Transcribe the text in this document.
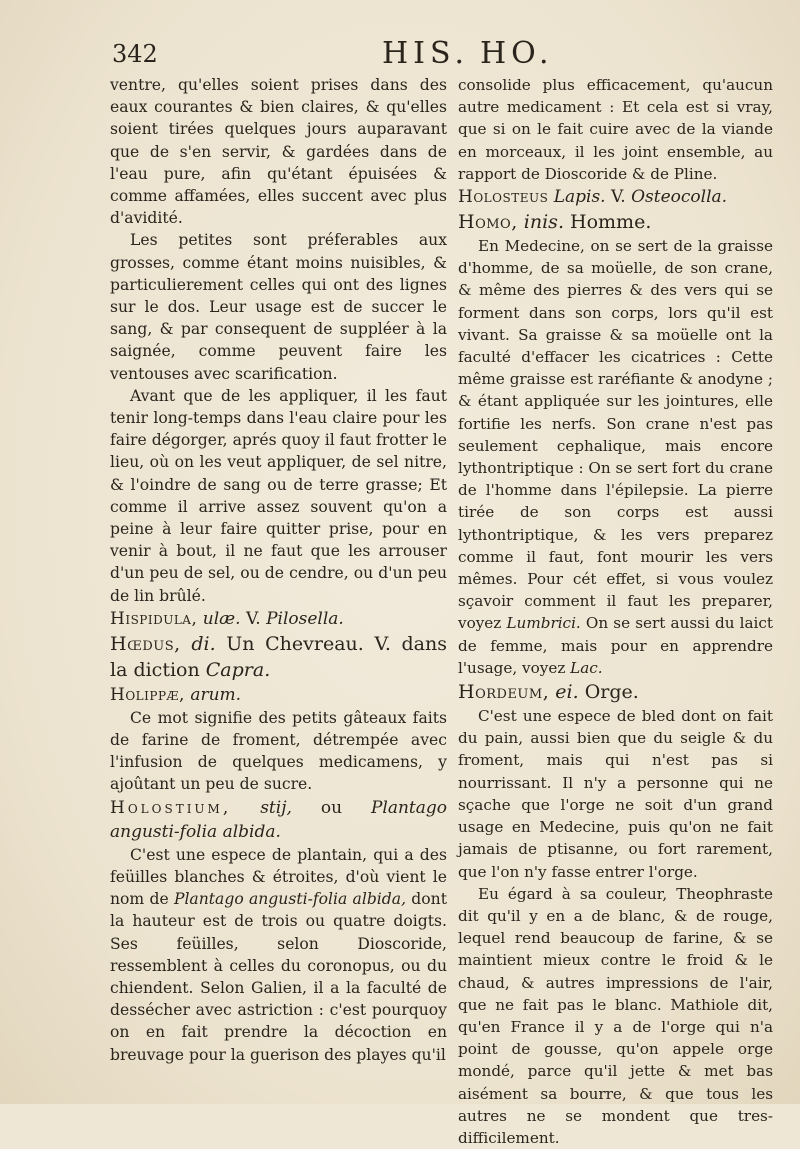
342	HIS. HO.

ventre, qu'elles soient prises dans des eaux courantes & bien claires, & qu'elles soient tirées quelques jours auparavant que de s'en servir, & gardées dans de l'eau pure, afin qu'étant épuisées & comme affamées, elles succent avec plus d'avidité.

Les petites sont préferables aux grosses, comme étant moins nuisibles, & particulierement celles qui ont des lignes sur le dos. Leur usage est de succer le sang, & par consequent de suppléer à la saignée, comme peuvent faire les ventouses avec scarification.

Avant que de les appliquer, il les faut tenir long-temps dans l'eau claire pour les faire dégorger, aprés quoy il faut frotter le lieu, où on les veut appliquer, de sel nitre, & l'oindre de sang ou de terre grasse; Et comme il arrive assez souvent qu'on a peine à leur faire quitter prise, pour en venir à bout, il ne faut que les arrouser d'un peu de sel, ou de cendre, ou d'un peu de lin brûlé.

Hispidula, ulæ. V. Pilosella.

Hœdus, di. Un Chevreau. V. dans la diction Capra.

Holippæ, arum.

Ce mot signifie des petits gâteaux faits de farine de froment, détrempée avec l'infusion de quelques medicamens, y ajoûtant un peu de sucre.

Holostium, stij, ou Plantago angusti-folia albida.

C'est une espece de plantain, qui a des feüilles blanches & étroites, d'où vient le nom de Plantago angusti-folia albida, dont la hauteur est de trois ou quatre doigts. Ses feüilles, selon Dioscoride, ressemblent à celles du coronopus, ou du chiendent. Selon Galien, il a la faculté de dessécher avec astriction : c'est pourquoy on en fait prendre la décoction en breuvage pour la guerison des playes qu'il

consolide plus efficacement, qu'aucun autre medicament : Et cela est si vray, que si on le fait cuire avec de la viande en morceaux, il les joint ensemble, au rapport de Dioscoride & de Pline.

Holosteus Lapis. V. Osteocolla.

Homo, inis. Homme.

En Medecine, on se sert de la graisse d'homme, de sa moüelle, de son crane, & même des pierres & des vers qui se forment dans son corps, lors qu'il est vivant. Sa graisse & sa moüelle ont la faculté d'effacer les cicatrices : Cette même graisse est raréfiante & anodyne ; & étant appliquée sur les jointures, elle fortifie les nerfs. Son crane n'est pas seulement cephalique, mais encore lythontriptique : On se sert fort du crane de l'homme dans l'épilepsie. La pierre tirée de son corps est aussi lythontriptique, & les vers preparez comme il faut, font mourir les vers mêmes. Pour cét effet, si vous voulez sçavoir comment il faut les preparer, voyez Lumbrici. On se sert aussi du laict de femme, mais pour en apprendre l'usage, voyez Lac.

Hordeum, ei. Orge.

C'est une espece de bled dont on fait du pain, aussi bien que du seigle & du froment, mais qui n'est pas si nourrissant. Il n'y a personne qui ne sçache que l'orge ne soit d'un grand usage en Medecine, puis qu'on ne fait jamais de ptisanne, ou fort rarement, que l'on n'y fasse entrer l'orge.

Eu égard à sa couleur, Theophraste dit qu'il y en a de blanc, & de rouge, lequel rend beaucoup de farine, & se maintient mieux contre le froid & le chaud, & autres impressions de l'air, que ne fait pas le blanc. Mathiole dit, qu'en France il y a de l'orge qui n'a point de gousse, qu'on appele orge mondé, parce qu'il jette & met bas aisément sa bourre, & que tous les autres ne se mondent que tres-difficilement.
